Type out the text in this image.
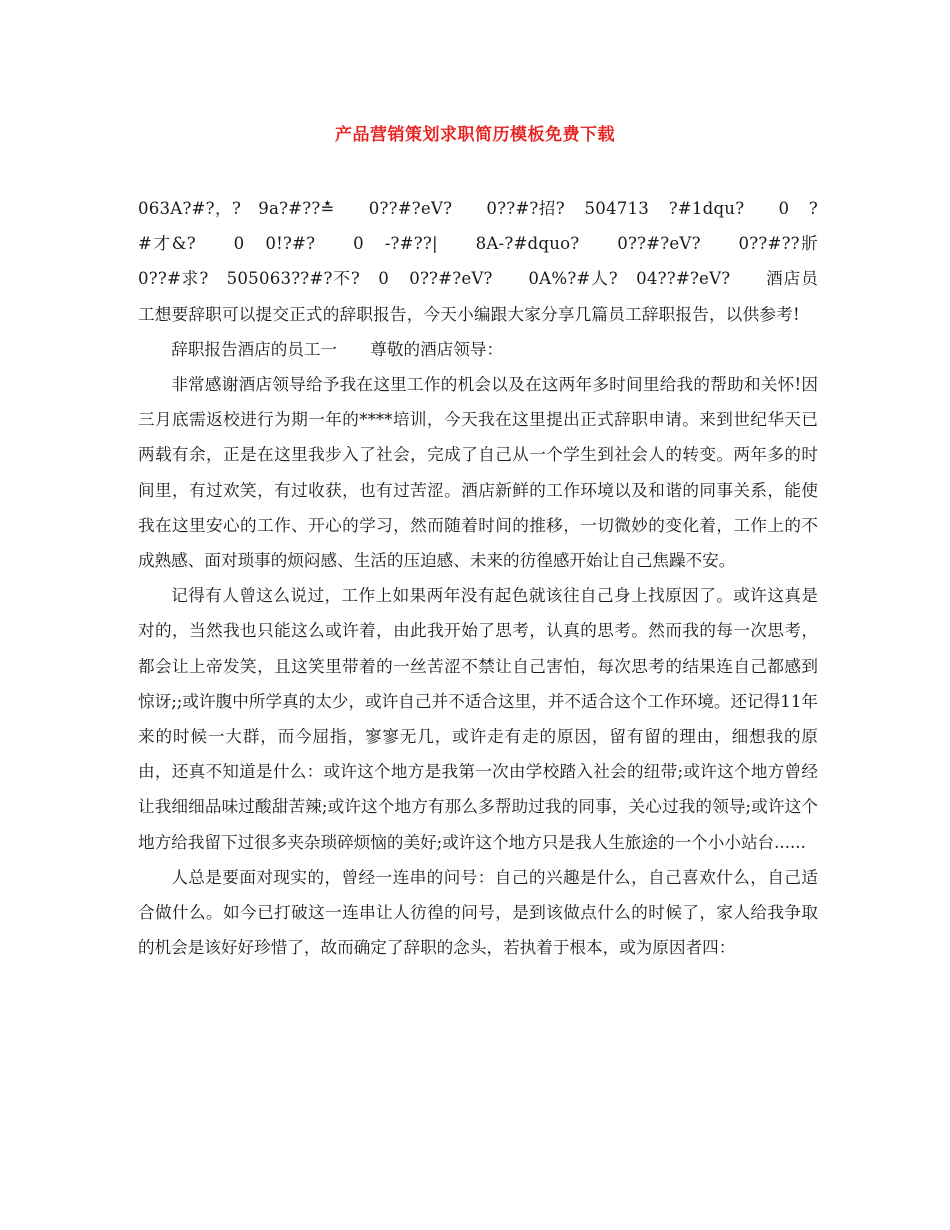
产品营销策划求职简历模板免费下载

063A?#?，?　9a?#??≛　　0??#?eV?　　0??#?招? 504713 ?#1dqu?　　0 ?#才&?　　0 0!?#?　　0 -?#??|　　8A-?#dquo?　　0??#?eV?　　0??#??斨　　0??#求?　505063??#?不?　0 0??#?eV?　　0A%?#人?　04??#?eV?　　酒店员工想要辞职可以提交正式的辞职报告，今天小编跟大家分享几篇员工辞职报告，以供参考!

辞职报告酒店的员工一　　尊敬的酒店领导：

非常感谢酒店领导给予我在这里工作的机会以及在这两年多时间里给我的帮助和关怀!因三月底需返校进行为期一年的****培训，今天我在这里提出正式辞职申请。来到世纪华天已两载有余，正是在这里我步入了社会，完成了自己从一个学生到社会人的转变。两年多的时间里，有过欢笑，有过收获，也有过苦涩。酒店新鲜的工作环境以及和谐的同事关系，能使我在这里安心的工作、开心的学习，然而随着时间的推移，一切微妙的变化着，工作上的不成熟感、面对琐事的烦闷感、生活的压迫感、未来的彷徨感开始让自己焦躁不安。

记得有人曾这么说过，工作上如果两年没有起色就该往自己身上找原因了。或许这真是对的，当然我也只能这么或许着，由此我开始了思考，认真的思考。然而我的每一次思考，都会让上帝发笑，且这笑里带着的一丝苦涩不禁让自己害怕，每次思考的结果连自己都感到惊讶;;或许腹中所学真的太少，或许自己并不适合这里，并不适合这个工作环境。还记得11年来的时候一大群，而今屈指，寥寥无几，或许走有走的原因，留有留的理由，细想我的原由，还真不知道是什么：或许这个地方是我第一次由学校踏入社会的纽带;或许这个地方曾经让我细细品味过酸甜苦辣;或许这个地方有那么多帮助过我的同事，关心过我的领导;或许这个地方给我留下过很多夹杂琐碎烦恼的美好;或许这个地方只是我人生旅途的一个小小站台......

人总是要面对现实的，曾经一连串的问号：自己的兴趣是什么，自己喜欢什么，自己适合做什么。如今已打破这一连串让人彷徨的问号，是到该做点什么的时候了，家人给我争取的机会是该好好珍惜了，故而确定了辞职的念头，若执着于根本，或为原因者四：
